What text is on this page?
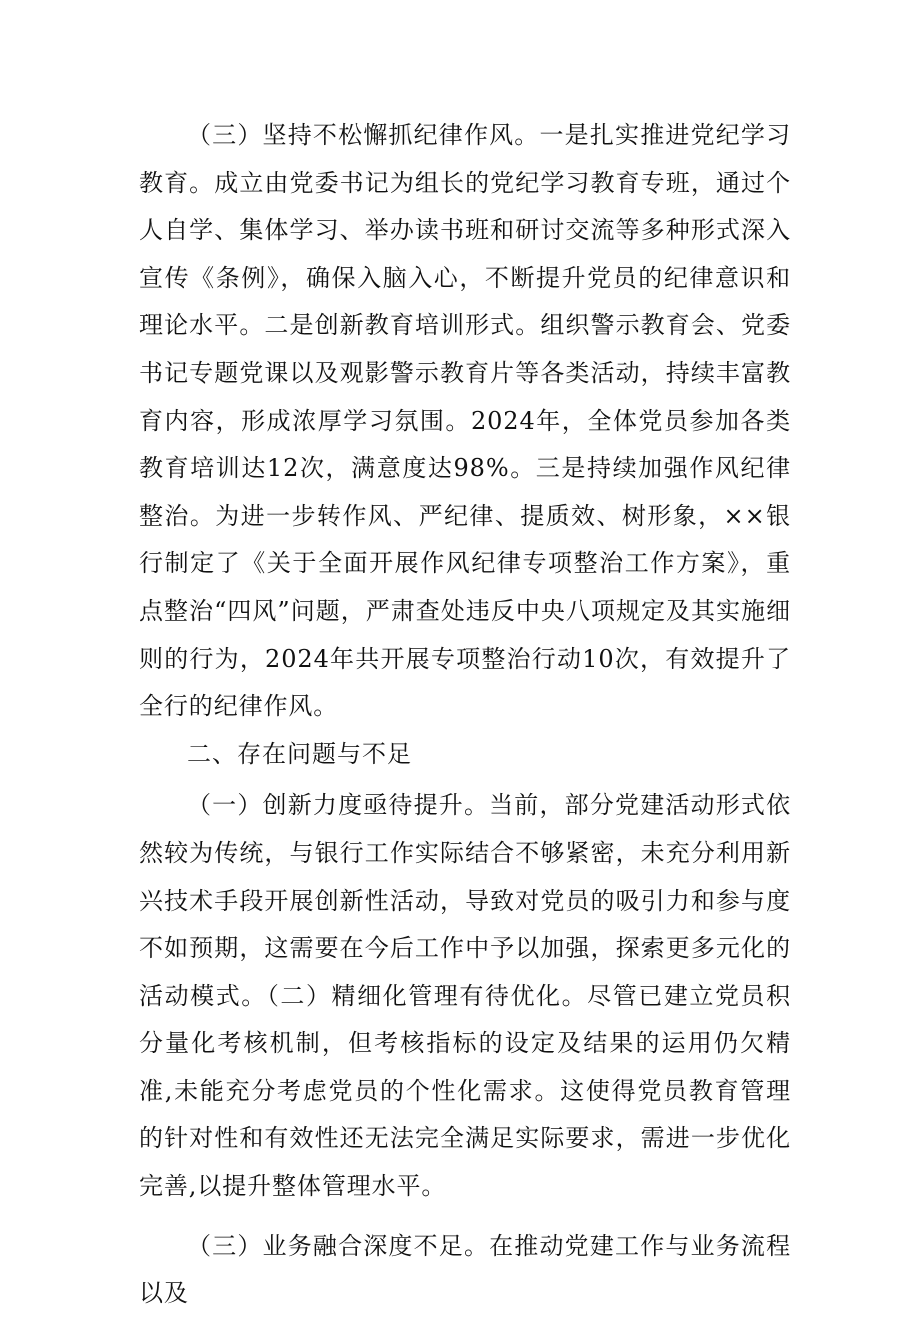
（三）坚持不松懈抓纪律作风。一是扎实推进党纪学习教育。成立由党委书记为组长的党纪学习教育专班，通过个人自学、集体学习、举办读书班和研讨交流等多种形式深入宣传《条例》，确保入脑入心，不断提升党员的纪律意识和理论水平。二是创新教育培训形式。组织警示教育会、党委书记专题党课以及观影警示教育片等各类活动，持续丰富教育内容，形成浓厚学习氛围。2024年，全体党员参加各类教育培训达12次，满意度达98%。三是持续加强作风纪律整治。为进一步转作风、严纪律、提质效、树形象，××银行制定了《关于全面开展作风纪律专项整治工作方案》，重点整治“四风”问题，严肃查处违反中央八项规定及其实施细则的行为，2024年共开展专项整治行动10次，有效提升了全行的纪律作风。

二、存在问题与不足

（一）创新力度亟待提升。当前，部分党建活动形式依然较为传统，与银行工作实际结合不够紧密，未充分利用新兴技术手段开展创新性活动，导致对党员的吸引力和参与度不如预期，这需要在今后工作中予以加强，探索更多元化的活动模式。（二）精细化管理有待优化。尽管已建立党员积分量化考核机制，但考核指标的设定及结果的运用仍欠精准,未能充分考虑党员的个性化需求。这使得党员教育管理的针对性和有效性还无法完全满足实际要求，需进一步优化完善,以提升整体管理水平。

（三）业务融合深度不足。在推动党建工作与业务流程以及
